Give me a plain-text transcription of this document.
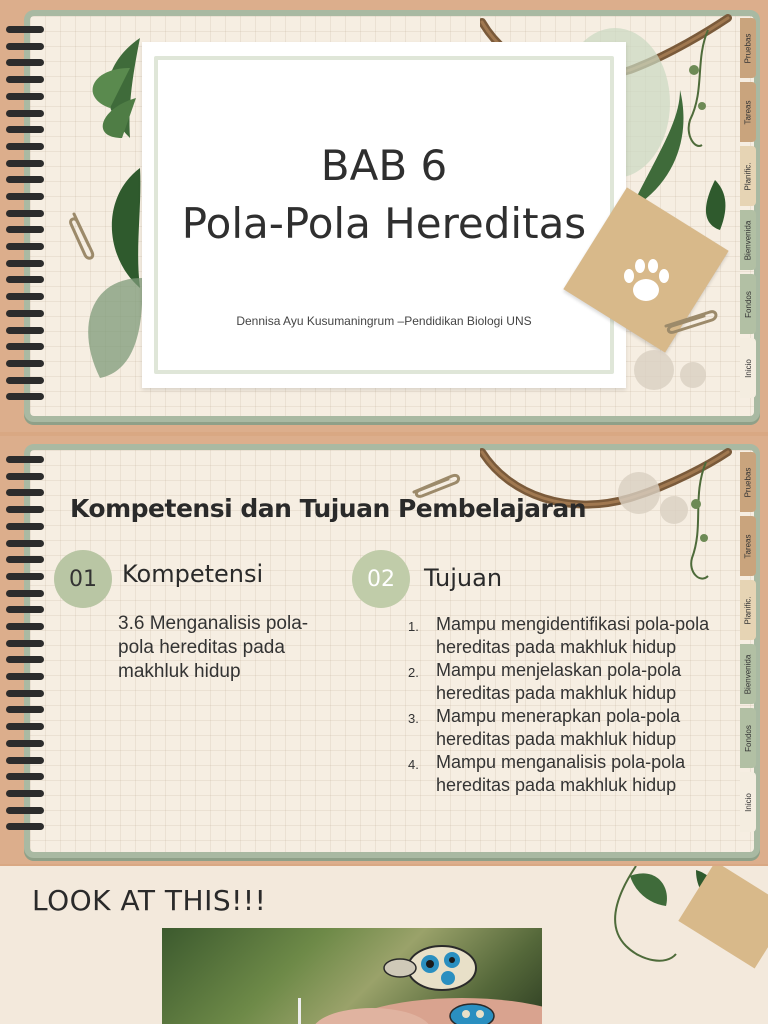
BAB 6
Pola-Pola Hereditas
Dennisa Ayu Kusumaningrum –Pendidikan Biologi UNS
Inicio
Fondos
Bienvenida
Planific.
Tareas
Pruebas
Kompetensi dan Tujuan Pembelajaran
01	Kompetensi
3.6 Menganalisis pola-pola hereditas pada makhluk hidup
02	Tujuan
1. Mampu mengidentifikasi pola-pola hereditas pada makhluk hidup
2. Mampu menjelaskan pola-pola hereditas pada makhluk hidup
3. Mampu menerapkan pola-pola hereditas pada makhluk hidup
4. Mampu menganalisis pola-pola hereditas pada makhluk hidup
Inicio
Fondos
Bienvenida
Planific.
Tareas
Pruebas
LOOK AT THIS!!!
